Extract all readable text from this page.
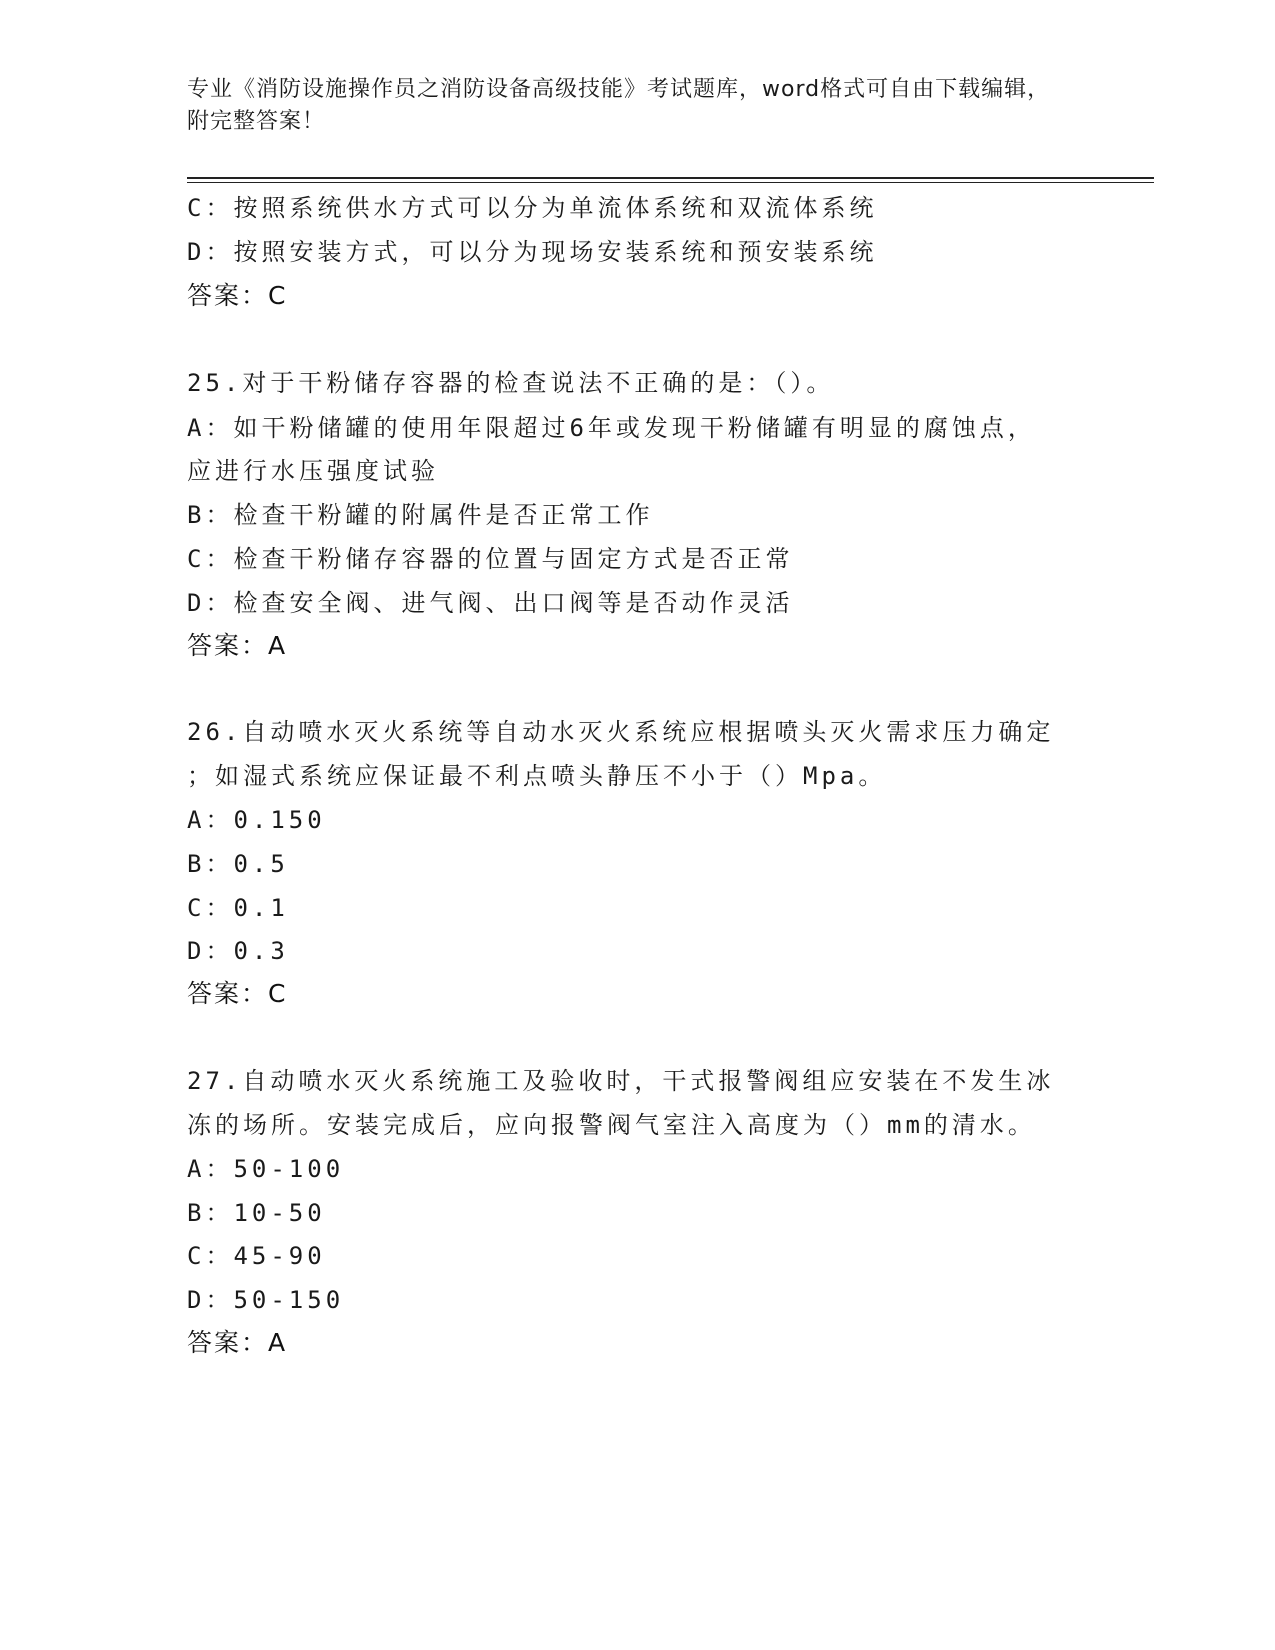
专业《消防设施操作员之消防设备高级技能》考试题库，word格式可自由下载编辑，附完整答案！
C：按照系统供水方式可以分为单流体系统和双流体系统
D：按照安装方式，可以分为现场安装系统和预安装系统
答案：C
25.对于干粉储存容器的检查说法不正确的是：（）。
A：如干粉储罐的使用年限超过6年或发现干粉储罐有明显的腐蚀点，
应进行水压强度试验
B：检查干粉罐的附属件是否正常工作
C：检查干粉储存容器的位置与固定方式是否正常
D：检查安全阀、进气阀、出口阀等是否动作灵活
答案：A
26.自动喷水灭火系统等自动水灭火系统应根据喷头灭火需求压力确定
；如湿式系统应保证最不利点喷头静压不小于（）Mpa。
A：0.150
B：0.5
C：0.1
D：0.3
答案：C
27.自动喷水灭火系统施工及验收时，干式报警阀组应安装在不发生冰
冻的场所。安装完成后，应向报警阀气室注入高度为（）mm的清水。
A：50-100
B：10-50
C：45-90
D：50-150
答案：A
